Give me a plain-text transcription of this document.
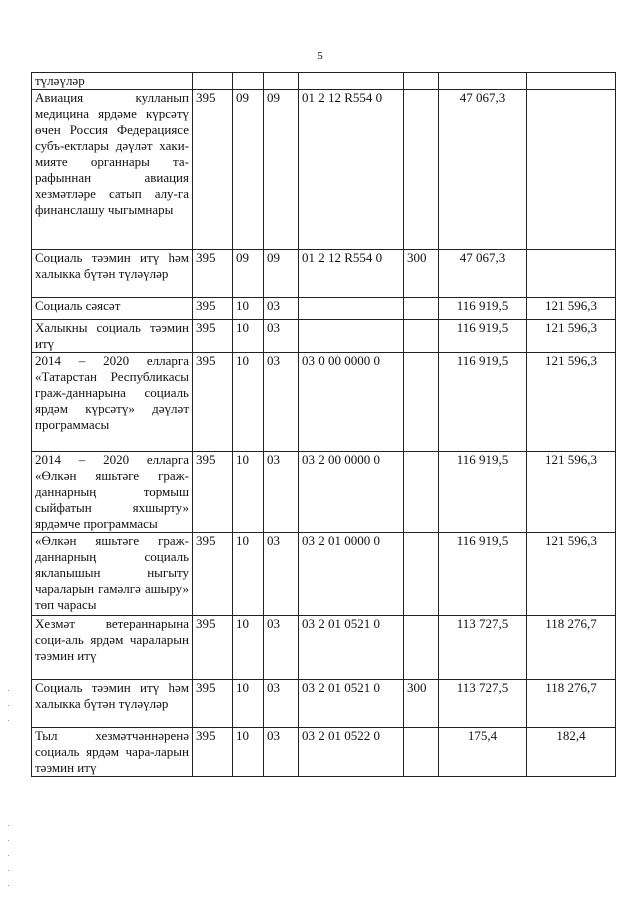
5
түләүләр							
Авиация кулланып медицина ярдәме күрсәтү өчен Россия Федерациясе субъ-ектлары дәүләт хаки-мияте органнары та-рафыннан авиация хезмәтләре сатып алу-га финанслашу чыгымнары	395	09	09	01 2 12 R554 0		47 067,3	
Социаль тәэмин итү һәм халыкка бүтән түләүләр	395	09	09	01 2 12 R554 0	300	47 067,3	
Социаль сәясәт	395	10	03			116 919,5	121 596,3
Халыкны социаль тәэмин итү	395	10	03			116 919,5	121 596,3
2014 – 2020 елларга «Татарстан Республикасы граж-даннарына социаль ярдәм күрсәтү» дәүләт программасы	395	10	03	03 0 00 0000 0		116 919,5	121 596,3
2014 – 2020 елларга «Өлкән яшьтәге граж-даннарның тормыш сыйфатын яхшырту» ярдәмче программасы	395	10	03	03 2 00 0000 0		116 919,5	121 596,3
«Өлкән яшьтәге граж-даннарның социаль яклanышын ныгыту чараларын гамәлгә ашыру» төп чарасы	395	10	03	03 2 01 0000 0		116 919,5	121 596,3
Хезмәт ветераннарына соци-аль ярдәм чараларын тәэмин итү	395	10	03	03 2 01 0521 0		113 727,5	118 276,7
Социаль тәэмин итү һәм халыкка бүтән түләүләр	395	10	03	03 2 01 0521 0	300	113 727,5	118 276,7
Тыл хезмәтчәннәренә социаль ярдәм чара-ларын тәэмин итү	395	10	03	03 2 01 0522 0		175,4	182,4
